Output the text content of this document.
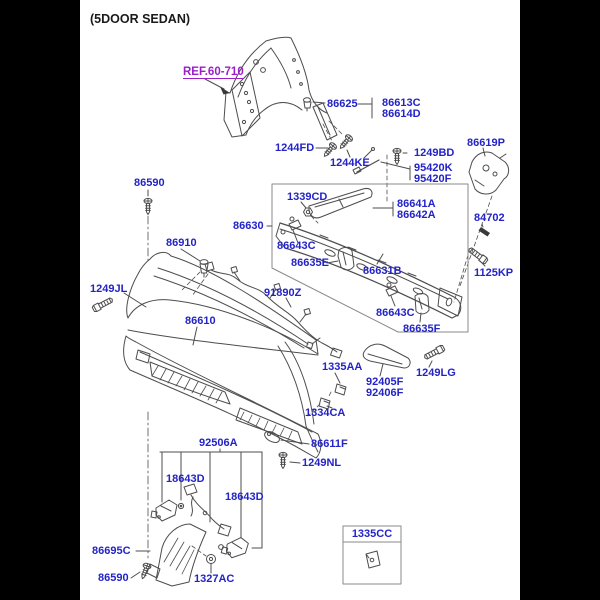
(5DOOR SEDAN)
REF.60-710
86625 86613C
86614D
1244FD
1244KE
1249BD
95420K
95420F
86619P
86590
1339CD
86630
86641A
86642A	84702
86910	86643C
86635E
86631B	1125KP
1249JL	91890Z
86643C
86635F
86610
1335AA
92405F
92406F
1249LG
1334CA
92506A	86611F
1249NL
18643D
18643D
86695C
86590	1327AC
1335CC
